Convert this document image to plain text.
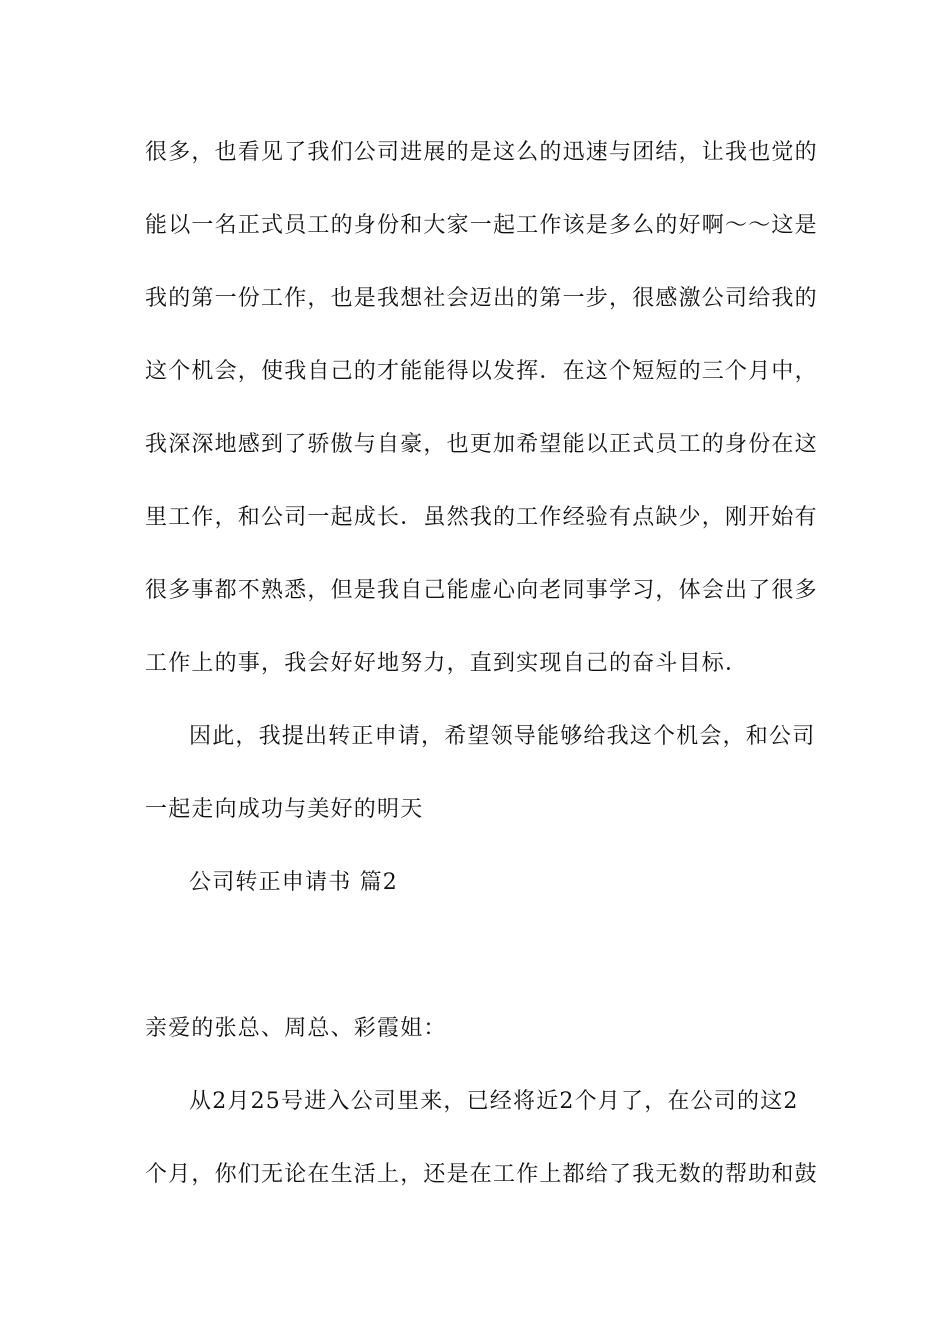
很多，也看见了我们公司进展的是这么的迅速与团结，让我也觉的
能以一名正式员工的身份和大家一起工作该是多么的好啊～～这是
我的第一份工作，也是我想社会迈出的第一步，很感激公司给我的
这个机会，使我自己的才能能得以发挥．在这个短短的三个月中，
我深深地感到了骄傲与自豪，也更加希望能以正式员工的身份在这
里工作，和公司一起成长．虽然我的工作经验有点缺少，刚开始有
很多事都不熟悉，但是我自己能虚心向老同事学习，体会出了很多
工作上的事，我会好好地努力，直到实现自己的奋斗目标．
因此，我提出转正申请，希望领导能够给我这个机会，和公司
一起走向成功与美好的明天
公司转正申请书 篇2
亲爱的张总、周总、彩霞姐：
从2月25号进入公司里来，已经将近2个月了，在公司的这2
个月，你们无论在生活上，还是在工作上都给了我无数的帮助和鼓
